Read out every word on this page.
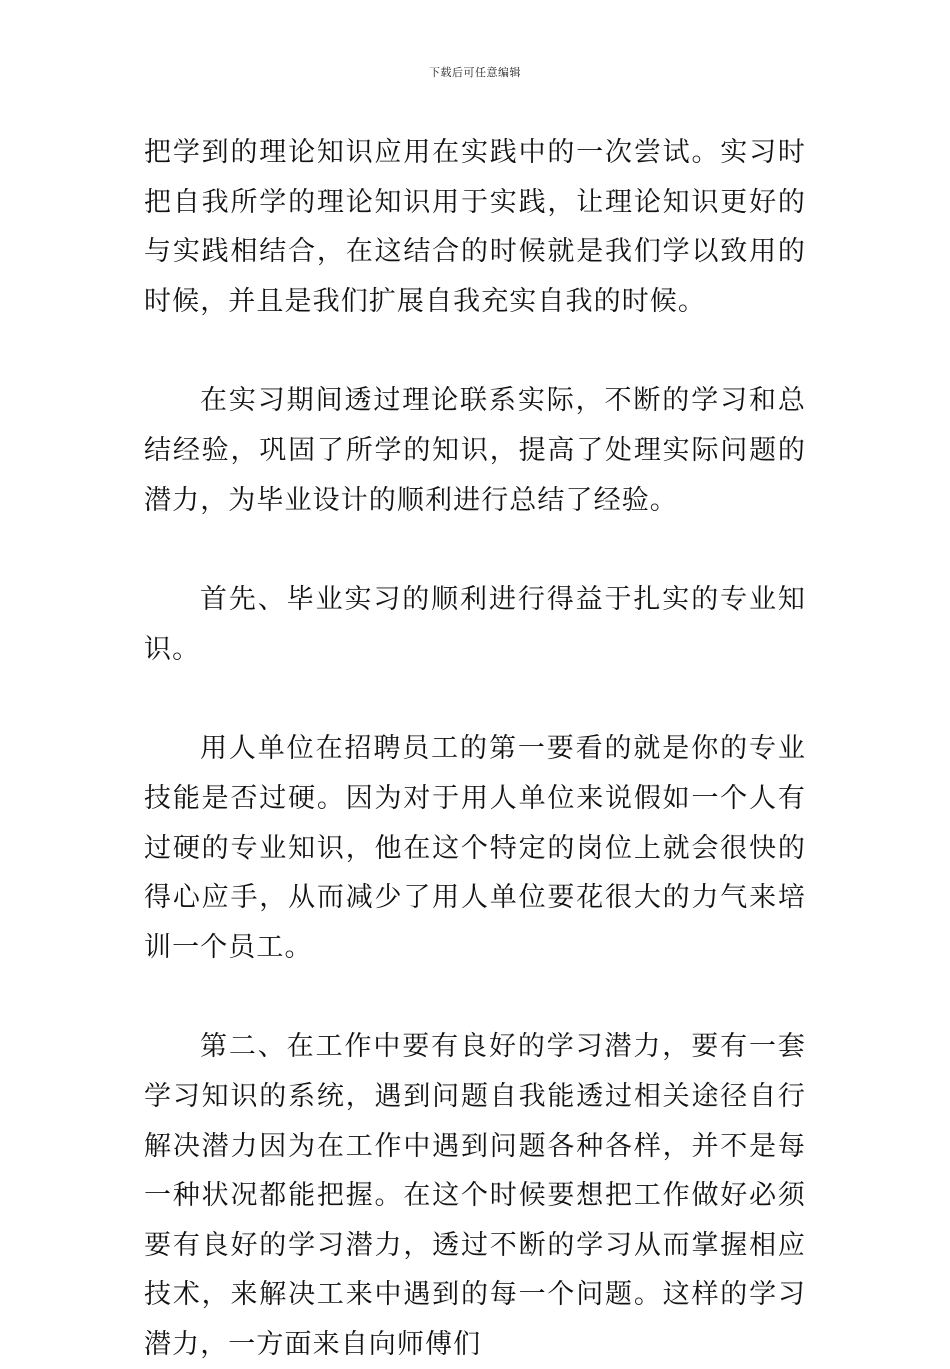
下载后可任意编辑

把学到的理论知识应用在实践中的一次尝试。实习时把自我所学的理论知识用于实践，让理论知识更好的与实践相结合，在这结合的时候就是我们学以致用的时候，并且是我们扩展自我充实自我的时候。

在实习期间透过理论联系实际，不断的学习和总结经验，巩固了所学的知识，提高了处理实际问题的潜力，为毕业设计的顺利进行总结了经验。

首先、毕业实习的顺利进行得益于扎实的专业知识。

用人单位在招聘员工的第一要看的就是你的专业技能是否过硬。因为对于用人单位来说假如一个人有过硬的专业知识，他在这个特定的岗位上就会很快的得心应手，从而减少了用人单位要花很大的力气来培训一个员工。

第二、在工作中要有良好的学习潜力，要有一套学习知识的系统，遇到问题自我能透过相关途径自行解决潜力因为在工作中遇到问题各种各样，并不是每一种状况都能把握。在这个时候要想把工作做好必须要有良好的学习潜力，透过不断的学习从而掌握相应技术，来解决工来中遇到的每一个问题。这样的学习潜力，一方面来自向师傅们
